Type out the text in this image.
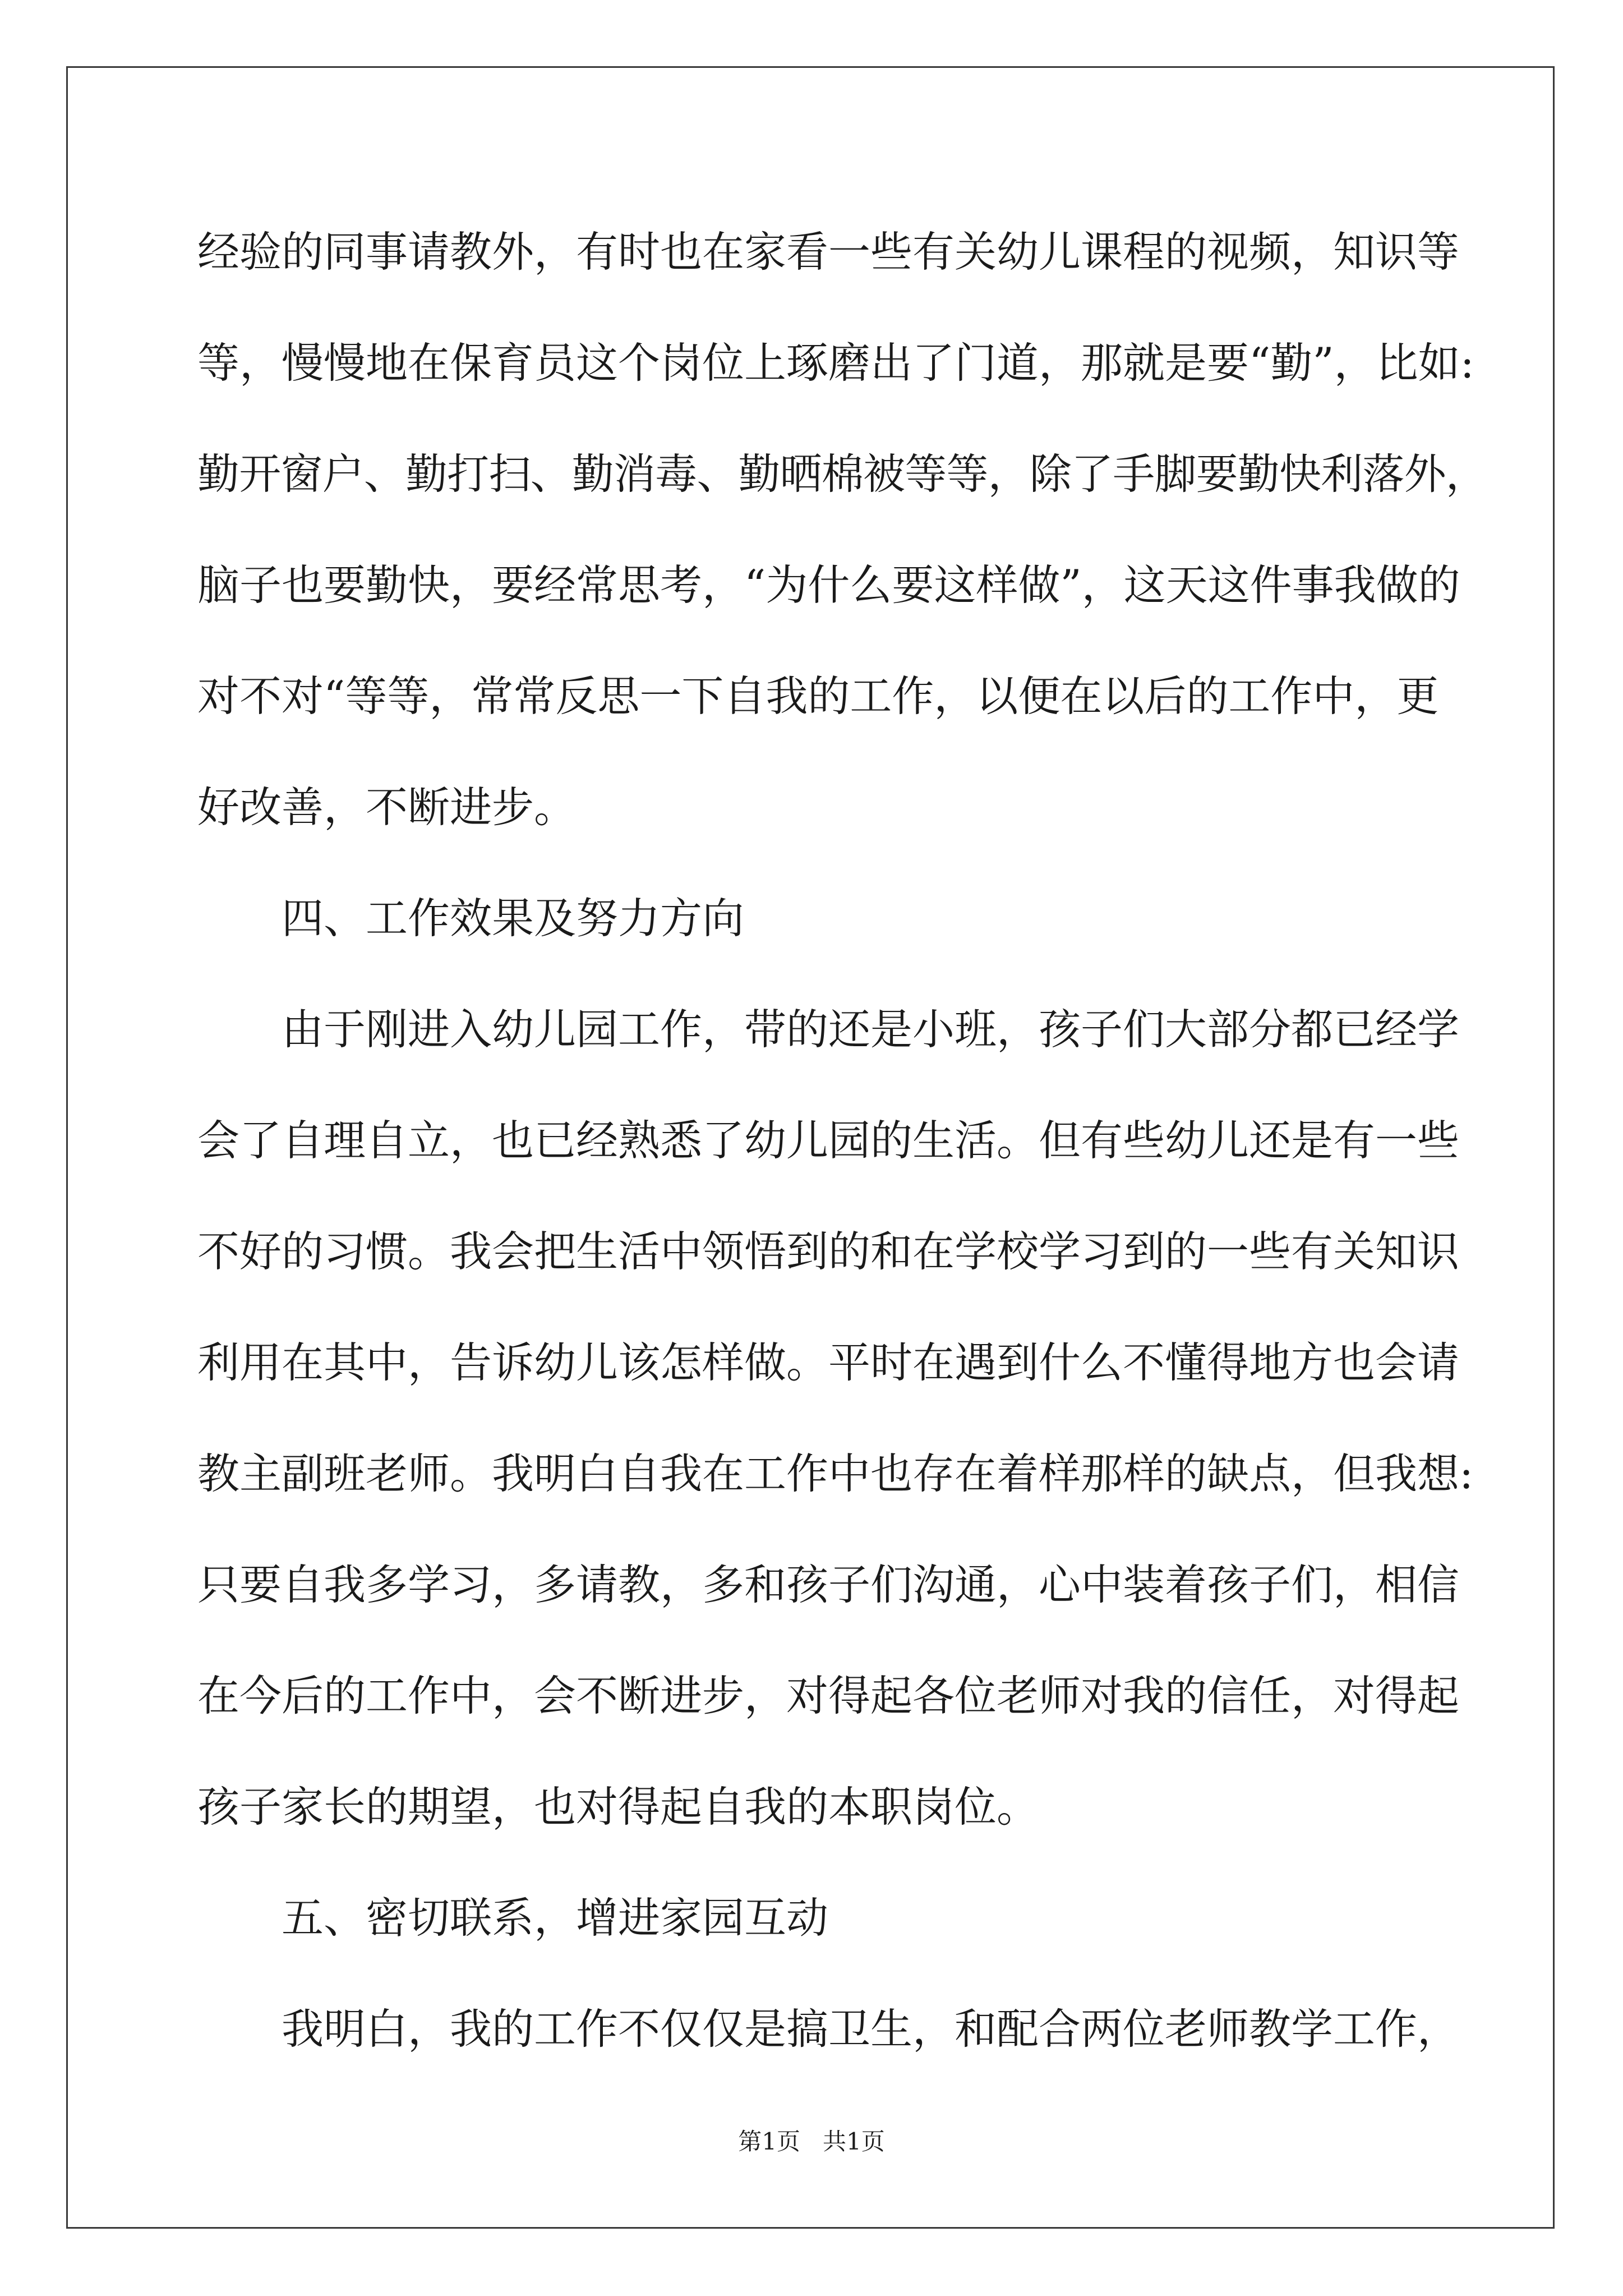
经验的同事请教外，有时也在家看一些有关幼儿课程的视频，知识等

等，慢慢地在保育员这个岗位上琢磨出了门道，那就是要“勤”，比如:

勤开窗户、勤打扫、勤消毒、勤晒棉被等等，除了手脚要勤快利落外，

脑子也要勤快，要经常思考，“为什么要这样做”，这天这件事我做的

对不对“等等，常常反思一下自我的工作，以便在以后的工作中，更

好改善，不断进步。

四、工作效果及努力方向

由于刚进入幼儿园工作，带的还是小班，孩子们大部分都已经学

会了自理自立，也已经熟悉了幼儿园的生活。但有些幼儿还是有一些

不好的习惯。我会把生活中领悟到的和在学校学习到的一些有关知识

利用在其中，告诉幼儿该怎样做。平时在遇到什么不懂得地方也会请

教主副班老师。我明白自我在工作中也存在着样那样的缺点，但我想:

只要自我多学习，多请教，多和孩子们沟通，心中装着孩子们，相信

在今后的工作中，会不断进步，对得起各位老师对我的信任，对得起

孩子家长的期望，也对得起自我的本职岗位。

五、密切联系，增进家园互动

我明白，我的工作不仅仅是搞卫生，和配合两位老师教学工作，

第1页   共1页
